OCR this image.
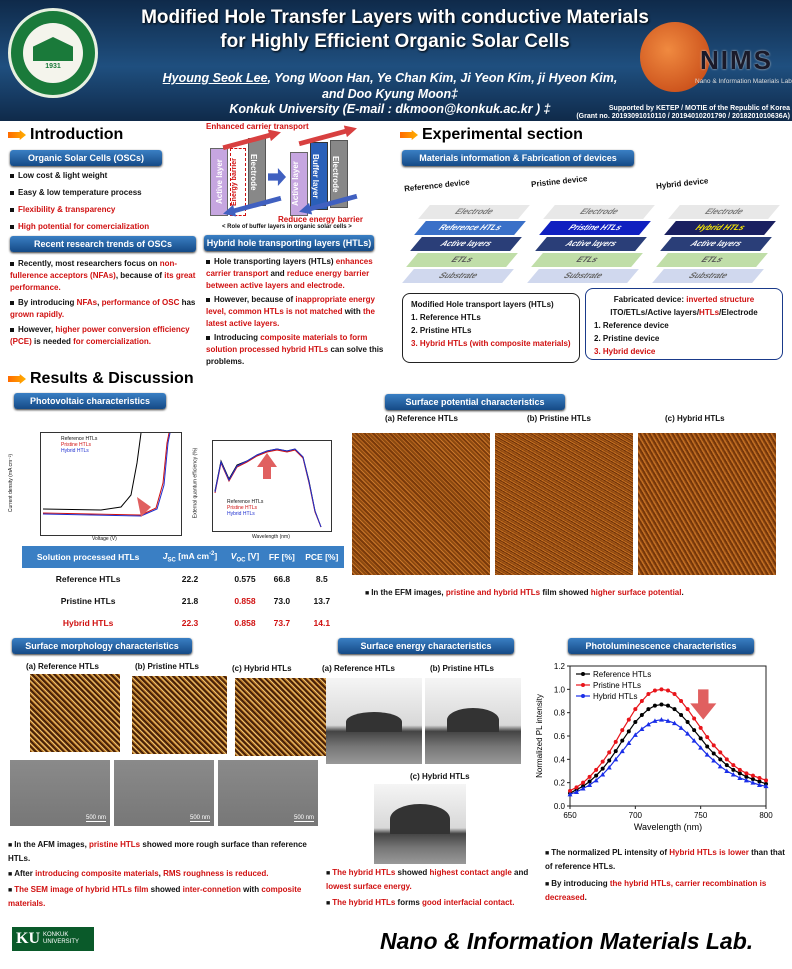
1931
Modified Hole Transfer Layers with conductive Materials
for Highly Efficient Organic Solar Cells
Hyoung Seok Lee, Yong Woon Han, Ye Chan Kim, Ji Yeon Kim, ji Hyeon Kim,
and Doo Kyung Moon‡
Konkuk University (E-mail : dkmoon@konkuk.ac.kr ) ‡
NIMS
Nano & Information Materials Lab
Supported by KETEP / MOTIE of the Republic of Korea
(Grant no. 20193091010110 / 20194010201790 / 2018201010636A)
Introduction
Organic Solar Cells (OSCs)

Low cost & light weight

Easy & low temperature process

Flexibility & transparency

High potential for comercialization

Recent research trends of OSCs

Recently, most researchers focus on non-fullerence acceptors (NFAs), because of its great performance.

By introducing NFAs, performance of OSC has grown rapidly.

However, higher power conversion efficiency (PCE) is needed for comercialization.

Enhanced carrier transport
Active layer Energy barrier Electrode	Active layer Buffer layer Electrode
Reduce energy barrier
< Role of buffer layers in organic solar cells >
Hybrid hole transporting layers (HTLs)

Hole transporting layers (HTLs) enhances carrier transport and reduce energy barrier between active layers and electrode.

However, because of inappropriate energy level, common HTLs is not matched with the latest active layers.

Introducing composite materials to form solution processed hybrid HTLs can solve this problems.

Experimental section
Materials information & Fabrication of devices
Reference device
Electrode
Reference HTLs
Active layers
ETLs
Substrate
Pristine device
Electrode
Pristine HTLs
Active layers
ETLs
Substrate
Hybrid device
Electrode
Hybrid HTLs
Active layers
ETLs
Substrate
Modified Hole transport layers (HTLs)
1. Reference HTLs
2. Pristine HTLs
3. Hybrid HTLs (with composite materials)
Fabricated device: inverted structure
ITO/ETLs/Active layers/HTLs/Electrode
1. Reference device
2. Pristine device
3. Hybrid device
Results & Discussion
Photovoltaic characteristics
Reference HTLs
Pristine HTLs
Hybrid HTLs
Voltage (V)
Current density (mA cm⁻²)	Reference HTLs
Pristine HTLs
Hybrid HTLs
Wavelength (nm)
External quantum efficiency (%)
Solution processed HTLs	$J_{SC}$ [mA $cm^{-2}$]	$V_{OC}$ [V]	FF [%]	PCE [%]
Reference HTLs	22.2	0.575	66.8	8.5
Pristine HTLs	21.8	0.858	73.0	13.7
Hybrid HTLs	22.3	0.858	73.7	14.1
Surface potential characteristics
(a) Reference HTLs	(b) Pristine HTLs	(c) Hybrid HTLs
■ In the EFM images, pristine and hybrid HTLs film showed higher surface potential.
Surface morphology characteristics
(a) Reference HTLs	(b) Pristine HTLs	(c) Hybrid HTLs
500 nm	500 nm	500 nm

■ In the AFM images, pristine HTLs showed more rough surface than reference HTLs.

■ After introducing composite materials, RMS roughness is reduced.

■ The SEM image of hybrid HTLs film showed inter-connetion with composite materials.

Surface energy characteristics
(a) Reference HTLs	(b) Pristine HTLs
(c) Hybrid HTLs

■ The hybrid HTLs showed highest contact angle and lowest surface energy.

■ The hybrid HTLs forms good interfacial contact.

Photoluminescence characteristics
650	700	750	800
0.0
0.2
0.4
0.6
0.8
1.0
1.2
Wavelength (nm)
Normalized PL intensity
Reference HTLs
Pristine HTLs
Hybrid HTLs

■ The normalized PL intensity of Hybrid HTLs is lower than that of reference HTLs.

■ By introducing the hybrid HTLs, carrier recombination is decreased.

KU KONKUK
UNIVERSITY	Nano & Information Materials Lab.
